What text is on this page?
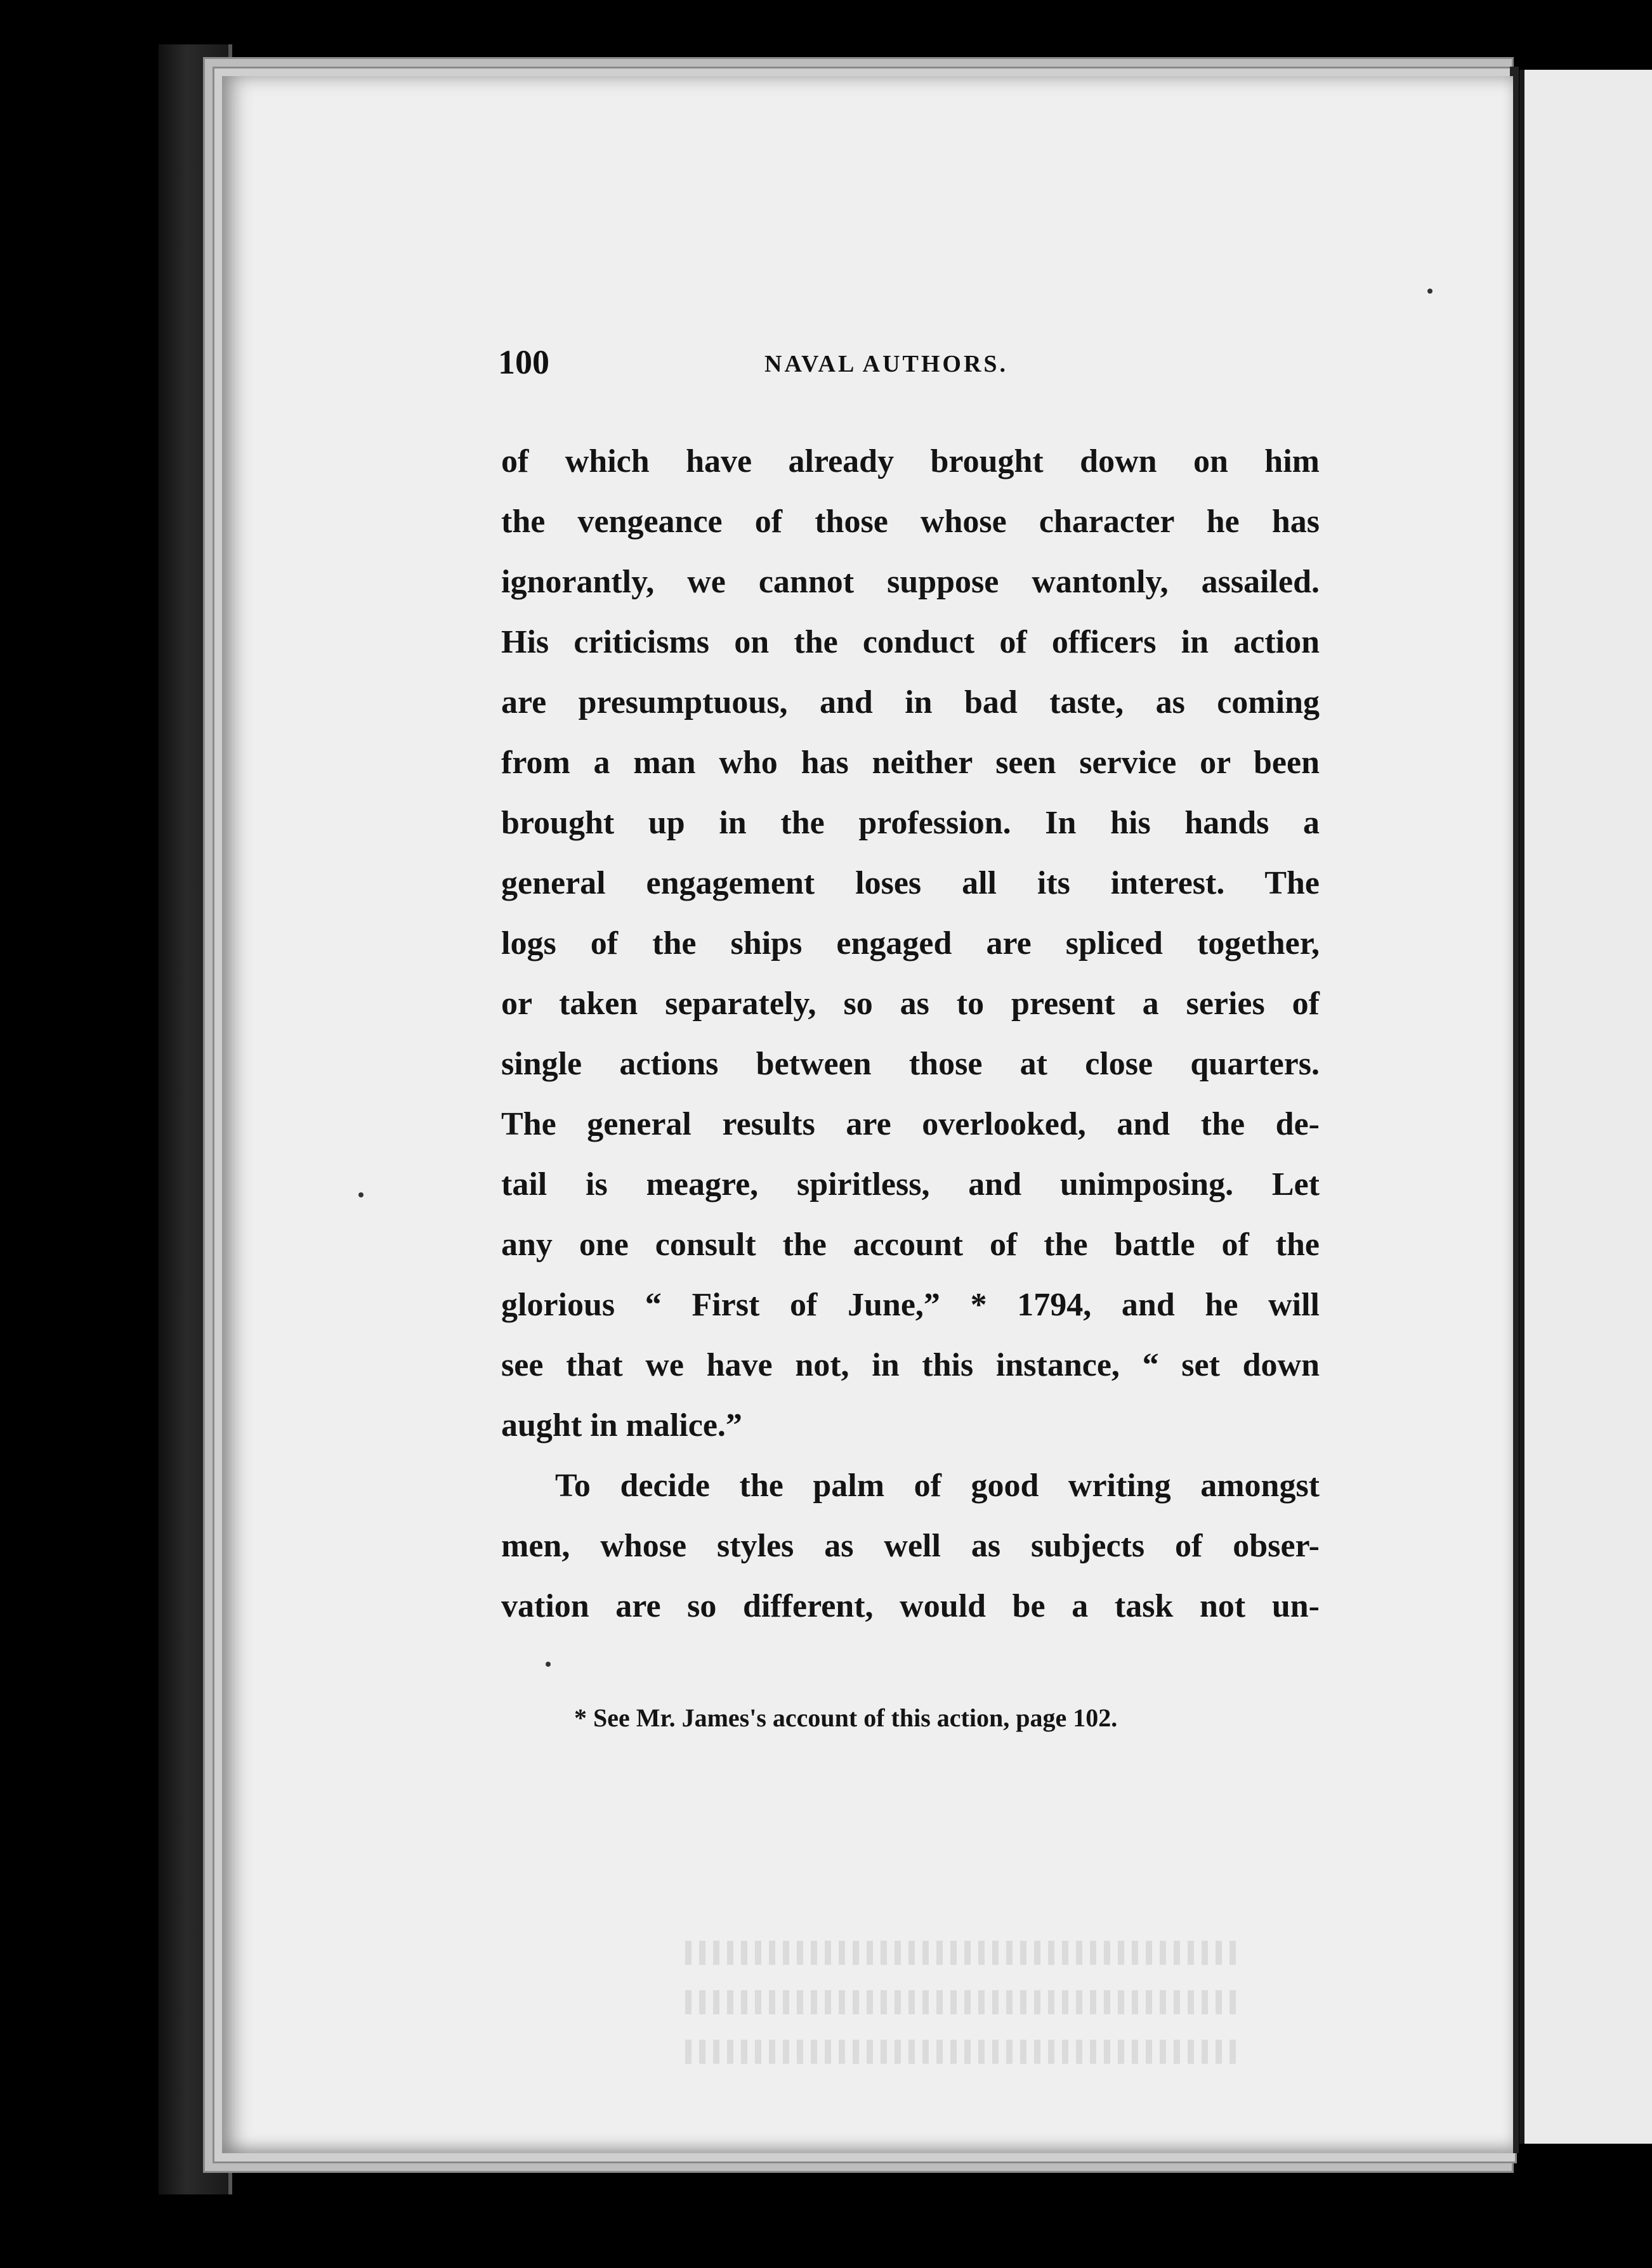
100	NAVAL AUTHORS.
of which have already brought down on him
the vengeance of those whose character he has
ignorantly, we cannot suppose wantonly, assailed.
His criticisms on the conduct of officers in action
are presumptuous, and in bad taste, as coming
from a man who has neither seen service or been
brought up in the profession. In his hands a
general engagement loses all its interest. The
logs of the ships engaged are spliced together,
or taken separately, so as to present a series of
single actions between those at close quarters.
The general results are overlooked, and the de-
tail is meagre, spiritless, and unimposing. Let
any one consult the account of the battle of the
glorious “ First of June,” * 1794, and he will
see that we have not, in this instance, “ set down
aught in malice.”
To decide the palm of good writing amongst
men, whose styles as well as subjects of obser-
vation are so different, would be a task not un-
* See Mr. James's account of this action, page 102.
